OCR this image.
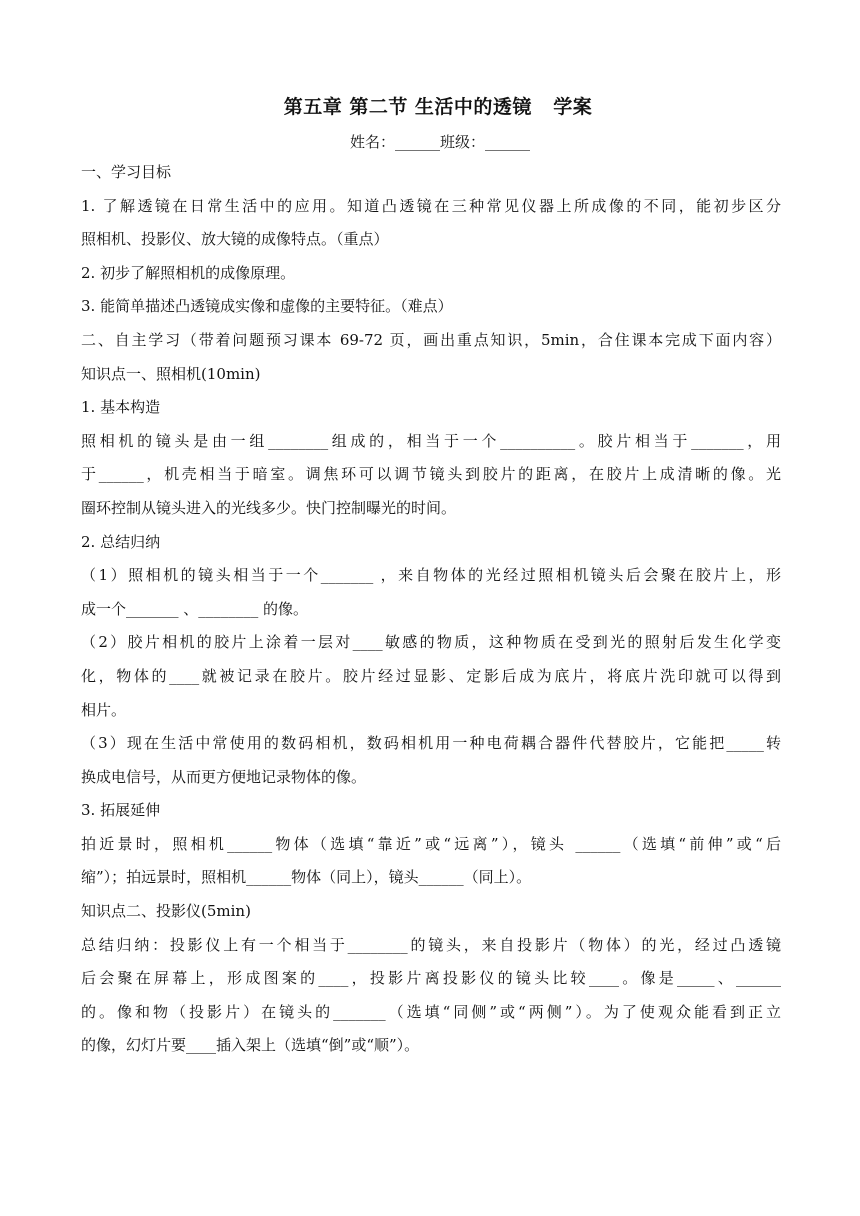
第五章 第二节 生活中的透镜   学案
姓名：______班级：______
一、学习目标
1. 了解透镜在日常生活中的应用。知道凸透镜在三种常见仪器上所成像的不同，能初步区分
照相机、投影仪、放大镜的成像特点。（重点）
2. 初步了解照相机的成像原理。
3. 能简单描述凸透镜成实像和虚像的主要特征。（难点）
二、自主学习（带着问题预习课本 69-72 页，画出重点知识，5min，合住课本完成下面内容）
知识点一、照相机(10min)
1. 基本构造
照相机的镜头是由一组________组成的，相当于一个__________。胶片相当于_______，用
于______，机壳相当于暗室。调焦环可以调节镜头到胶片的距离，在胶片上成清晰的像。光
圈环控制从镜头进入的光线多少。快门控制曝光的时间。
2. 总结归纳
（1）照相机的镜头相当于一个_______ ，来自物体的光经过照相机镜头后会聚在胶片上，形
成一个_______ 、________ 的像。
（2）胶片相机的胶片上涂着一层对____敏感的物质，这种物质在受到光的照射后发生化学变
化，物体的____就被记录在胶片。胶片经过显影、定影后成为底片，将底片洗印就可以得到
相片。
（3）现在生活中常使用的数码相机，数码相机用一种电荷耦合器件代替胶片，它能把_____转
换成电信号，从而更方便地记录物体的像。
3. 拓展延伸
拍近景时，照相机______物体（选填“靠近”或“远离”），镜头 ______（选填“前伸”或“后
缩”）；拍远景时，照相机______物体（同上），镜头______（同上）。
知识点二、投影仪(5min)
总结归纳：投影仪上有一个相当于________的镜头，来自投影片（物体）的光，经过凸透镜
后会聚在屏幕上，形成图案的____，投影片离投影仪的镜头比较____。像是_____、______
的。像和物（投影片）在镜头的_______（选填“同侧”或“两侧”）。为了使观众能看到正立
的像，幻灯片要____插入架上（选填“倒”或“顺”）。
